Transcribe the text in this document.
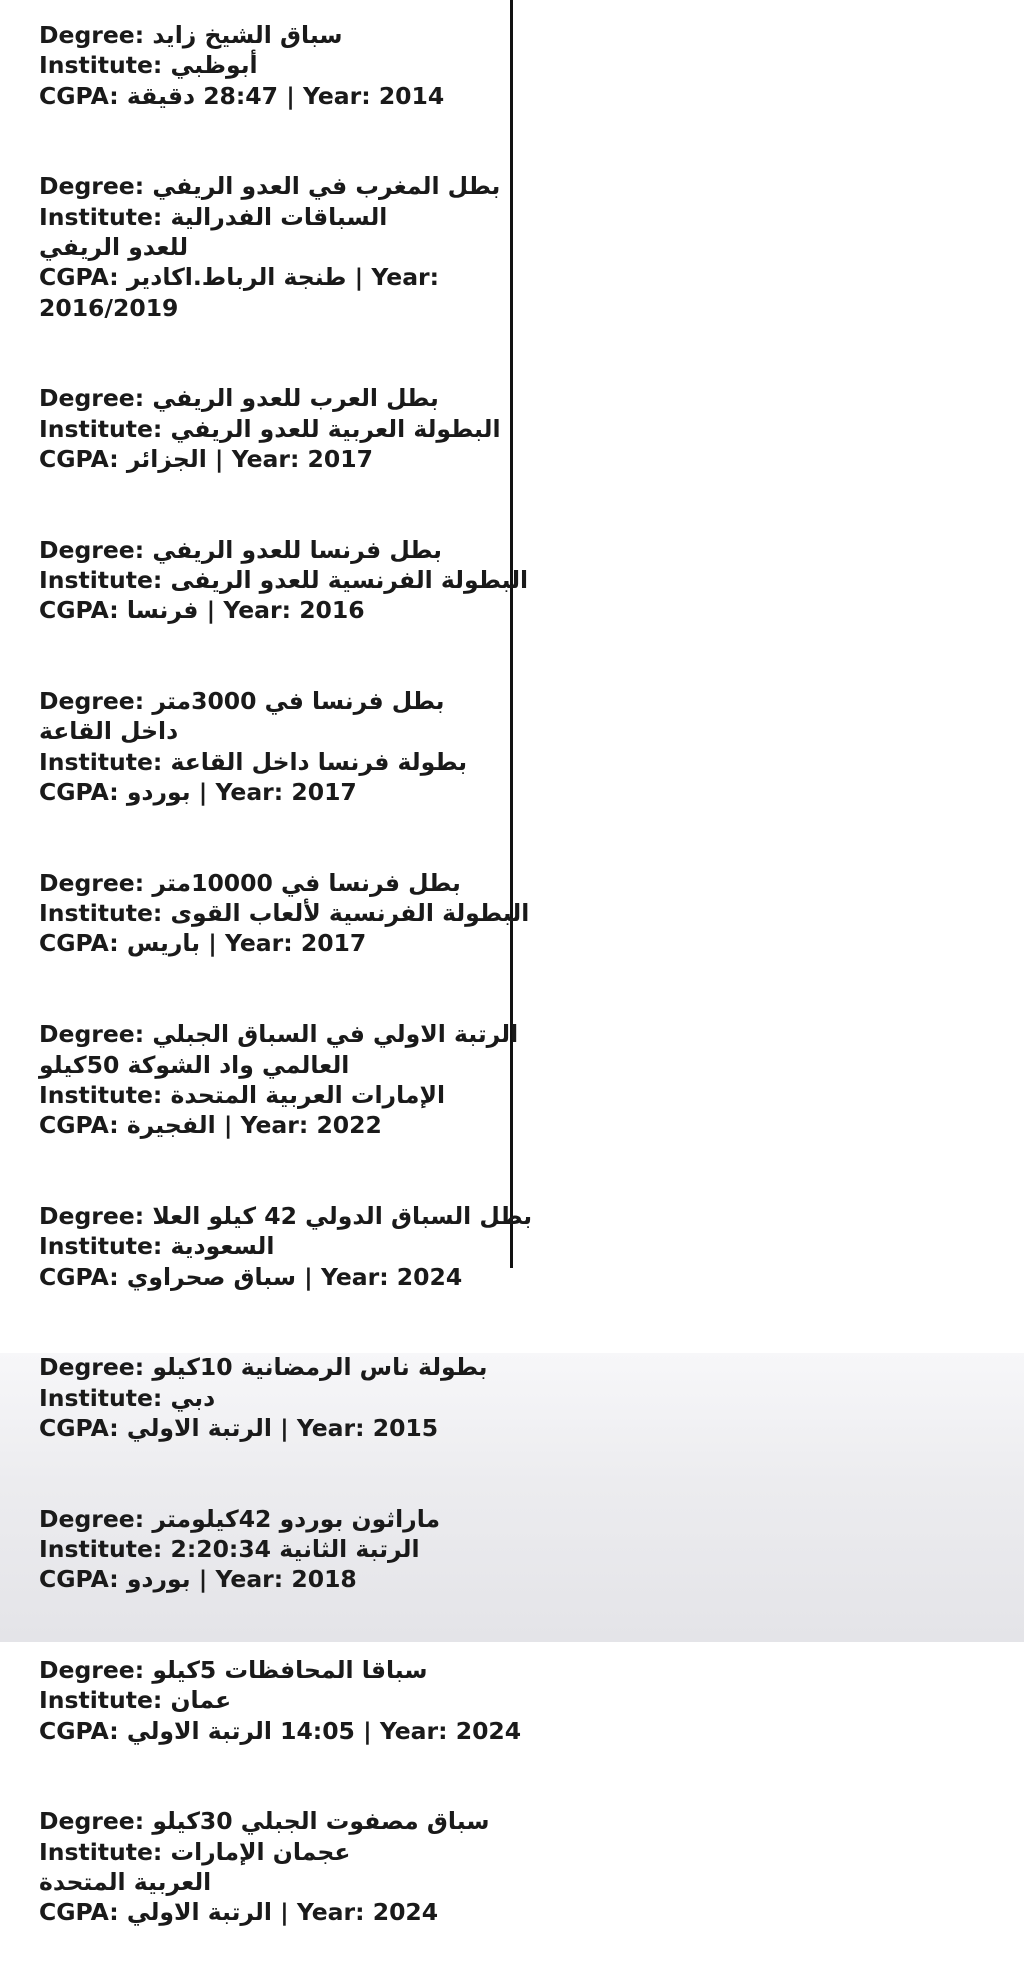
Degree: سباق الشيخ زايد
Institute: أبوظبي
CGPA: 28:47 دقيقة | Year: 2014
Degree: بطل المغرب في العدو الريفي
Institute: السباقات الفدرالية
للعدو الريفي
CGPA: طنجة الرباط.اكادير | Year:
2016/2019
Degree: بطل العرب للعدو الريفي
Institute: البطولة العربية للعدو الريفي
CGPA: الجزائر | Year: 2017
Degree: بطل فرنسا للعدو الريفي
Institute: البطولة الفرنسية للعدو الريفى
CGPA: فرنسا | Year: 2016
Degree: بطل فرنسا في 3000متر
داخل القاعة
Institute: بطولة فرنسا داخل القاعة
CGPA: بوردو | Year: 2017
Degree: بطل فرنسا في 10000متر
Institute: البطولة الفرنسية لألعاب القوى
CGPA: باريس | Year: 2017
Degree: الرتبة الاولي في السباق الجبلي
العالمي واد الشوكة 50كيلو
Institute: الإمارات العربية المتحدة
CGPA: الفجيرة | Year: 2022
Degree: بطل السباق الدولي 42 كيلو العلا
Institute: السعودية
CGPA: سباق صحراوي | Year: 2024
Degree: بطولة ناس الرمضانية 10كيلو
Institute: دبي
CGPA: الرتبة الاولي | Year: 2015
Degree: ماراثون بوردو 42كيلومتر
Institute: الرتبة الثانية 2:20:34
CGPA: بوردو | Year: 2018
Degree: سباقا المحافظات 5كيلو
Institute: عمان
CGPA: 14:05 الرتبة الاولي | Year: 2024
Degree: سباق مصفوت الجبلي 30كيلو
Institute: عجمان الإمارات
العربية المتحدة
CGPA: الرتبة الاولي | Year: 2024
